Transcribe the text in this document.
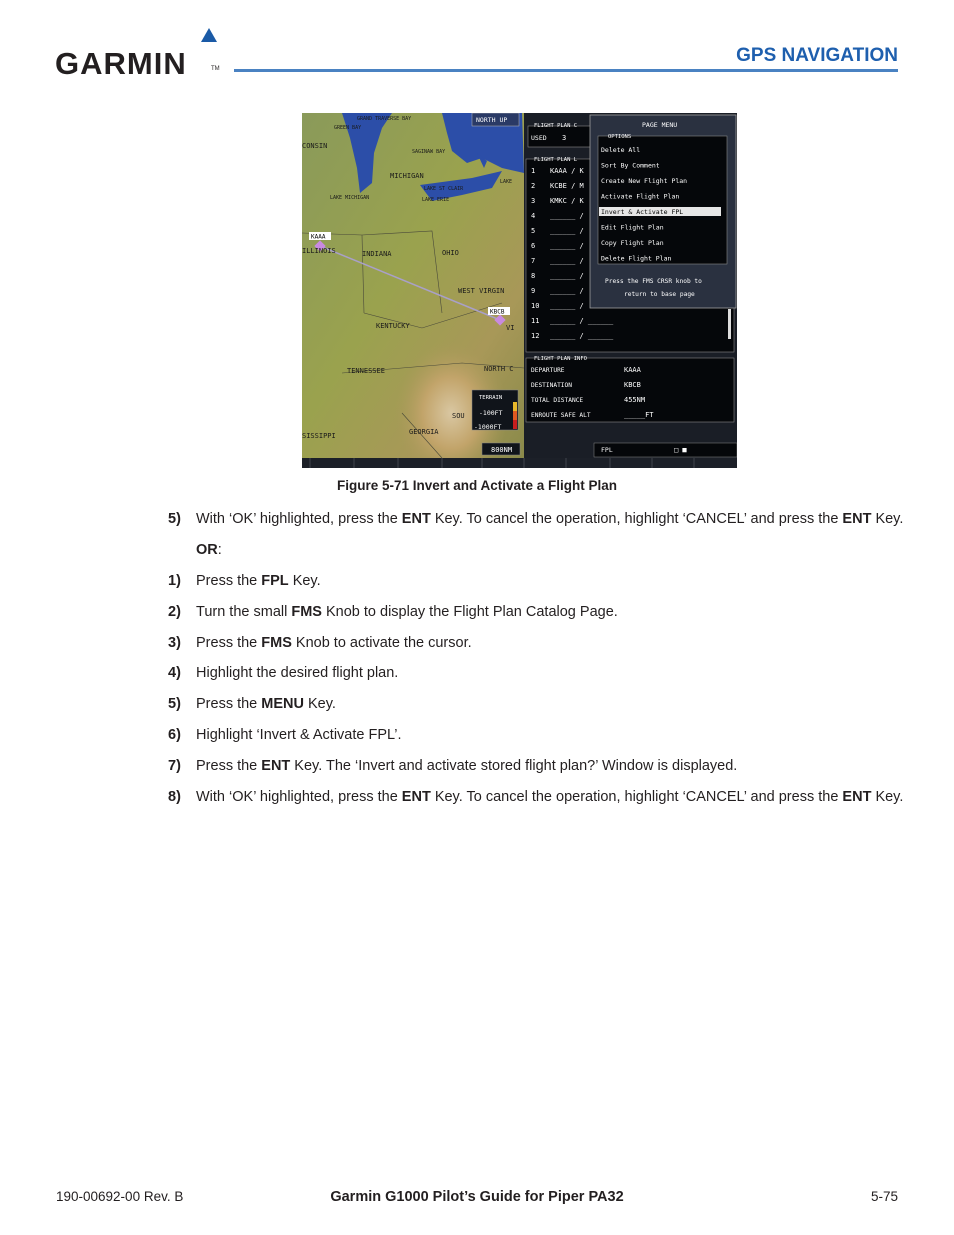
GARMIN	TM
GPS NAVIGATION
CONSIN
GRAND TRAVERSE BAY
GREEN BAY
MICHIGAN
SAGINAW BAY
LAKE MICHIGAN
LAKE ST CLAIR
LAKE ERIE
ILLINOIS	INDIANA	OHIO
WEST VIRGIN
KENTUCKY
TENNESSEE	NORTH C
GEORGIA
SOU
SISSIPPI
VI
LAKE
KAAA
KBCB
NORTH UP
TERRAIN
-100FT
-1000FT
800NM
FLIGHT PLAN C
USED 3
FLIGHT PLAN L
1 KAAA / K
2 KCBE / M
3 KMKC / K
4 ______ /
5 ______ /
6 ______ /
7 ______ /
8 ______ /
9 ______ /
10 ______ /
11 ______ / ______
12 ______ / ______
FLIGHT PLAN INFO
DEPARTURE	KAAA
DESTINATION	KBCB
TOTAL DISTANCE	455NM
ENROUTE SAFE ALT	_____FT
FPL	□ ■
PAGE MENU
OPTIONS
Press the FMS CRSR knob to
return to base page
Delete All
Sort By Comment
Create New Flight Plan
Activate Flight Plan
Invert & Activate FPL
Edit Flight Plan
Copy Flight Plan
Delete Flight Plan
Figure 5-71 Invert and Activate a Flight Plan
5)	With ‘OK’ highlighted, press the ENT Key. To cancel the operation, highlight ‘CANCEL’ and press the ENT Key.
OR:
1)	Press the FPL Key.
2)	Turn the small FMS Knob to display the Flight Plan Catalog Page.
3)	Press the FMS Knob to activate the cursor.
4)	Highlight the desired flight plan.
5)	Press the MENU Key.
6)	Highlight ‘Invert & Activate FPL’.
7)	Press the ENT Key. The ‘Invert and activate stored flight plan?’ Window is displayed.
8)	With ‘OK’ highlighted, press the ENT Key. To cancel the operation, highlight ‘CANCEL’ and press the ENT Key.
190-00692-00 Rev. B	Garmin G1000 Pilot’s Guide for Piper PA32	5-75
